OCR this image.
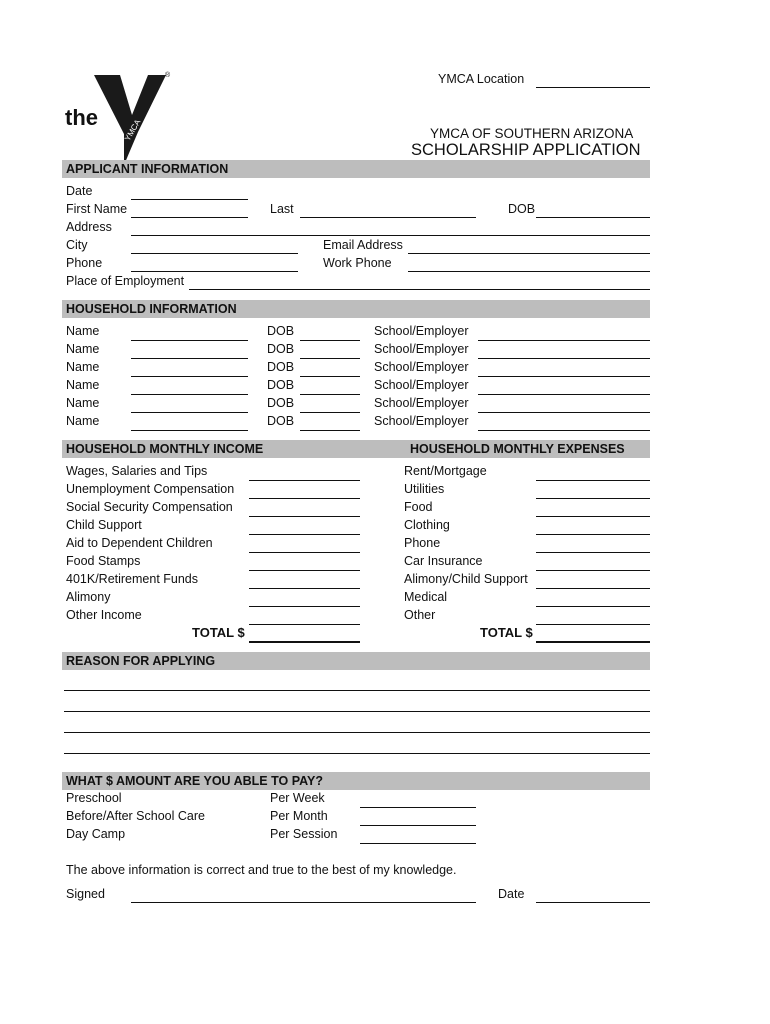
the
YMCA
®	YMCA Location
YMCA OF SOUTHERN ARIZONA
SCHOLARSHIP APPLICATION
APPLICANT INFORMATION
Date
First Name	Last	DOB
Address
City	Email Address
Phone	Work Phone
Place of Employment
HOUSEHOLD INFORMATION
Name	DOB	School/Employer
Name	DOB	School/Employer
Name	DOB	School/Employer
Name	DOB	School/Employer
Name	DOB	School/Employer
Name	DOB	School/Employer
HOUSEHOLD MONTHLY INCOME	HOUSEHOLD MONTHLY EXPENSES
Wages, Salaries and Tips
Unemployment Compensation
Social Security Compensation
Child Support
Aid to Dependent Children
Food Stamps
401K/Retirement Funds
Alimony
Other Income
TOTAL $
Rent/Mortgage
Utilities
Food
Clothing
Phone
Car Insurance
Alimony/Child Support
Medical
Other
TOTAL $
REASON FOR APPLYING
WHAT $ AMOUNT ARE YOU ABLE TO PAY?
Preschool	Per Week
Before/After School Care	Per Month
Day Camp	Per Session
The above information is correct and true to the best of my knowledge.
Signed	Date
